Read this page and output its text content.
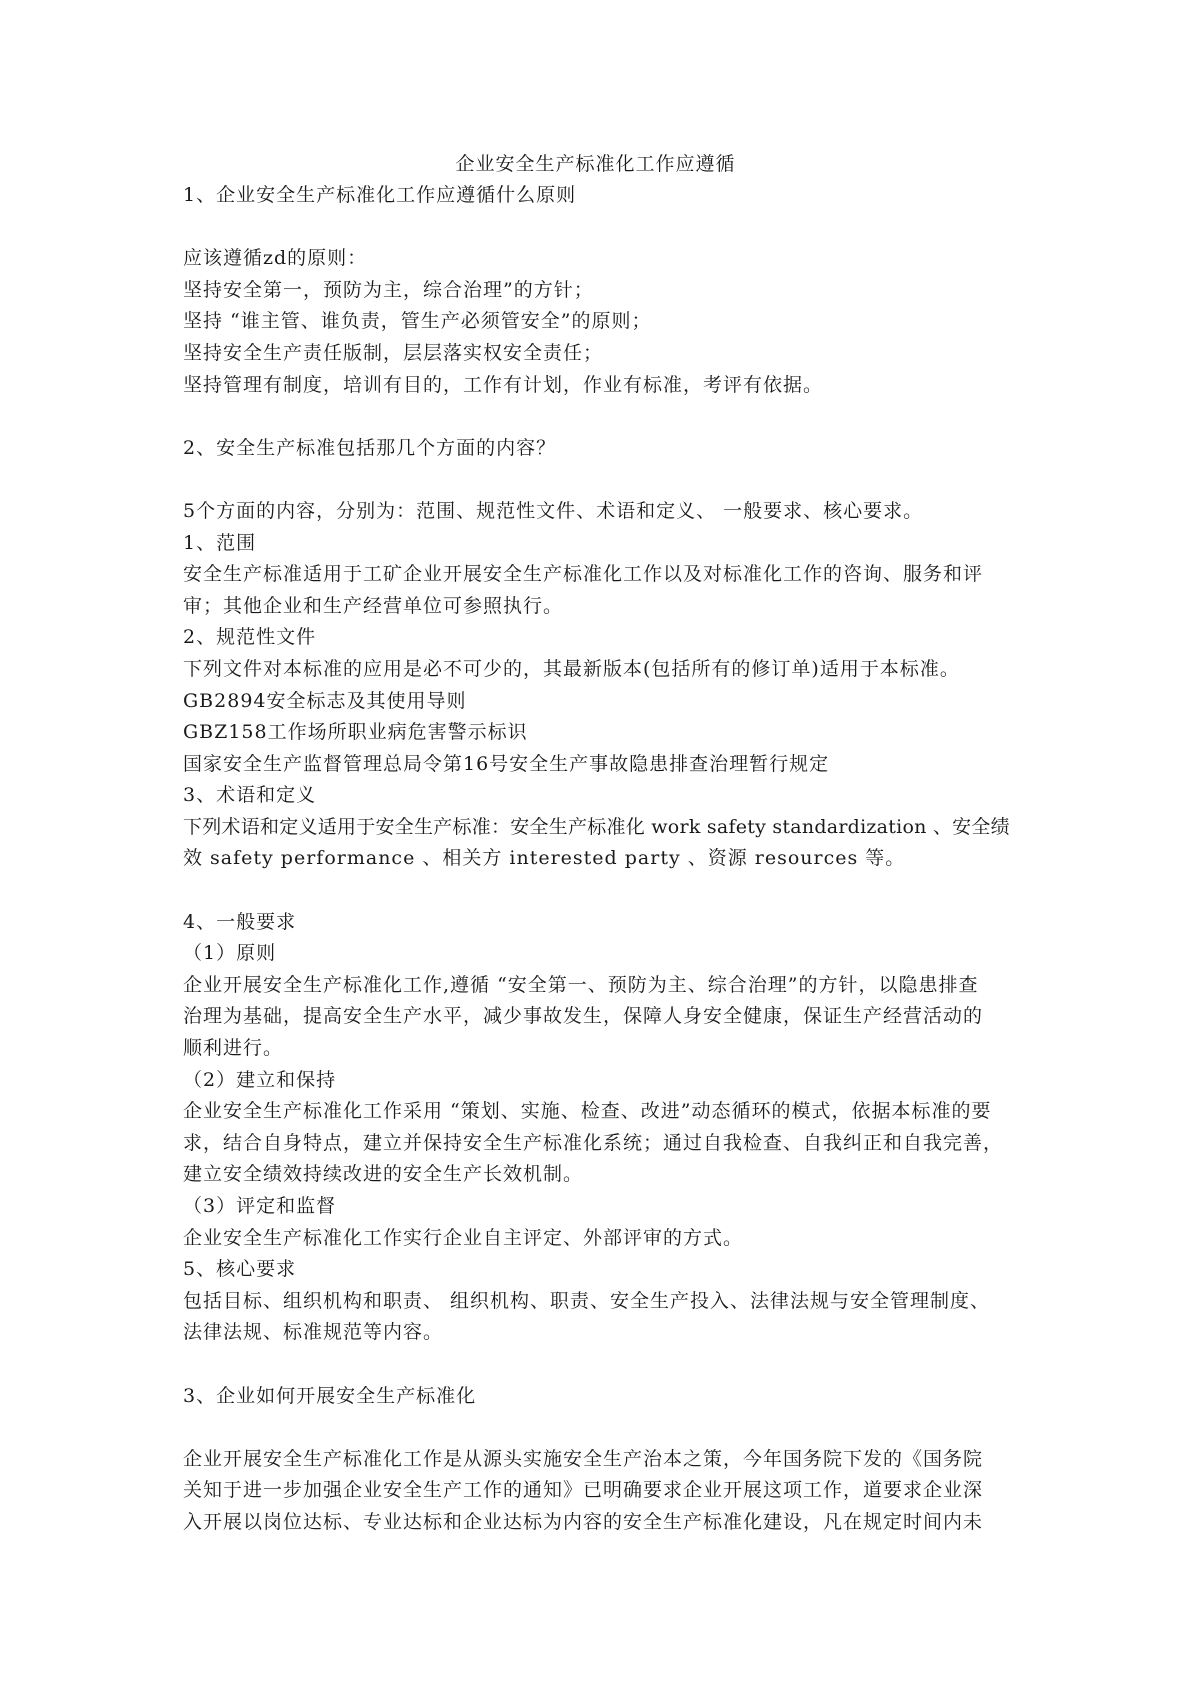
企业安全生产标准化工作应遵循

1、企业安全生产标准化工作应遵循什么原则

应该遵循zd的原则：

坚持安全第一，预防为主，综合治理”的方针；

坚持 “谁主管、谁负责，管生产必须管安全”的原则；

坚持安全生产责任版制，层层落实权安全责任；

坚持管理有制度，培训有目的，工作有计划，作业有标准，考评有依据。

2、安全生产标准包括那几个方面的内容？

5个方面的内容，分别为：范围、规范性文件、术语和定义、 一般要求、核心要求。

1、范围

安全生产标准适用于工矿企业开展安全生产标准化工作以及对标准化工作的咨询、服务和评

审；其他企业和生产经营单位可参照执行。

2、规范性文件

下列文件对本标准的应用是必不可少的，其最新版本(包括所有的修订单)适用于本标准。

GB2894安全标志及其使用导则

GBZ158工作场所职业病危害警示标识

国家安全生产监督管理总局令第16号安全生产事故隐患排查治理暂行规定

3、术语和定义

下列术语和定义适用于安全生产标准：安全生产标准化 work safety standardization 、安全绩

效 safety performance 、相关方 interested party 、资源 resources 等。

4、一般要求

（1）原则

企业开展安全生产标准化工作,遵循 “安全第一、预防为主、综合治理”的方针，以隐患排查

治理为基础，提高安全生产水平，减少事故发生，保障人身安全健康，保证生产经营活动的

顺利进行。

（2）建立和保持

企业安全生产标准化工作采用 “策划、实施、检查、改进”动态循环的模式，依据本标准的要

求，结合自身特点，建立并保持安全生产标准化系统；通过自我检查、自我纠正和自我完善，

建立安全绩效持续改进的安全生产长效机制。

（3）评定和监督

企业安全生产标准化工作实行企业自主评定、外部评审的方式。

5、核心要求

包括目标、组织机构和职责、 组织机构、职责、安全生产投入、法律法规与安全管理制度、

法律法规、标准规范等内容。

3、企业如何开展安全生产标准化

企业开展安全生产标准化工作是从源头实施安全生产治本之策，今年国务院下发的《国务院

关知于进一步加强企业安全生产工作的通知》已明确要求企业开展这项工作，道要求企业深

入开展以岗位达标、专业达标和企业达标为内容的安全生产标准化建设，凡在规定时间内未
